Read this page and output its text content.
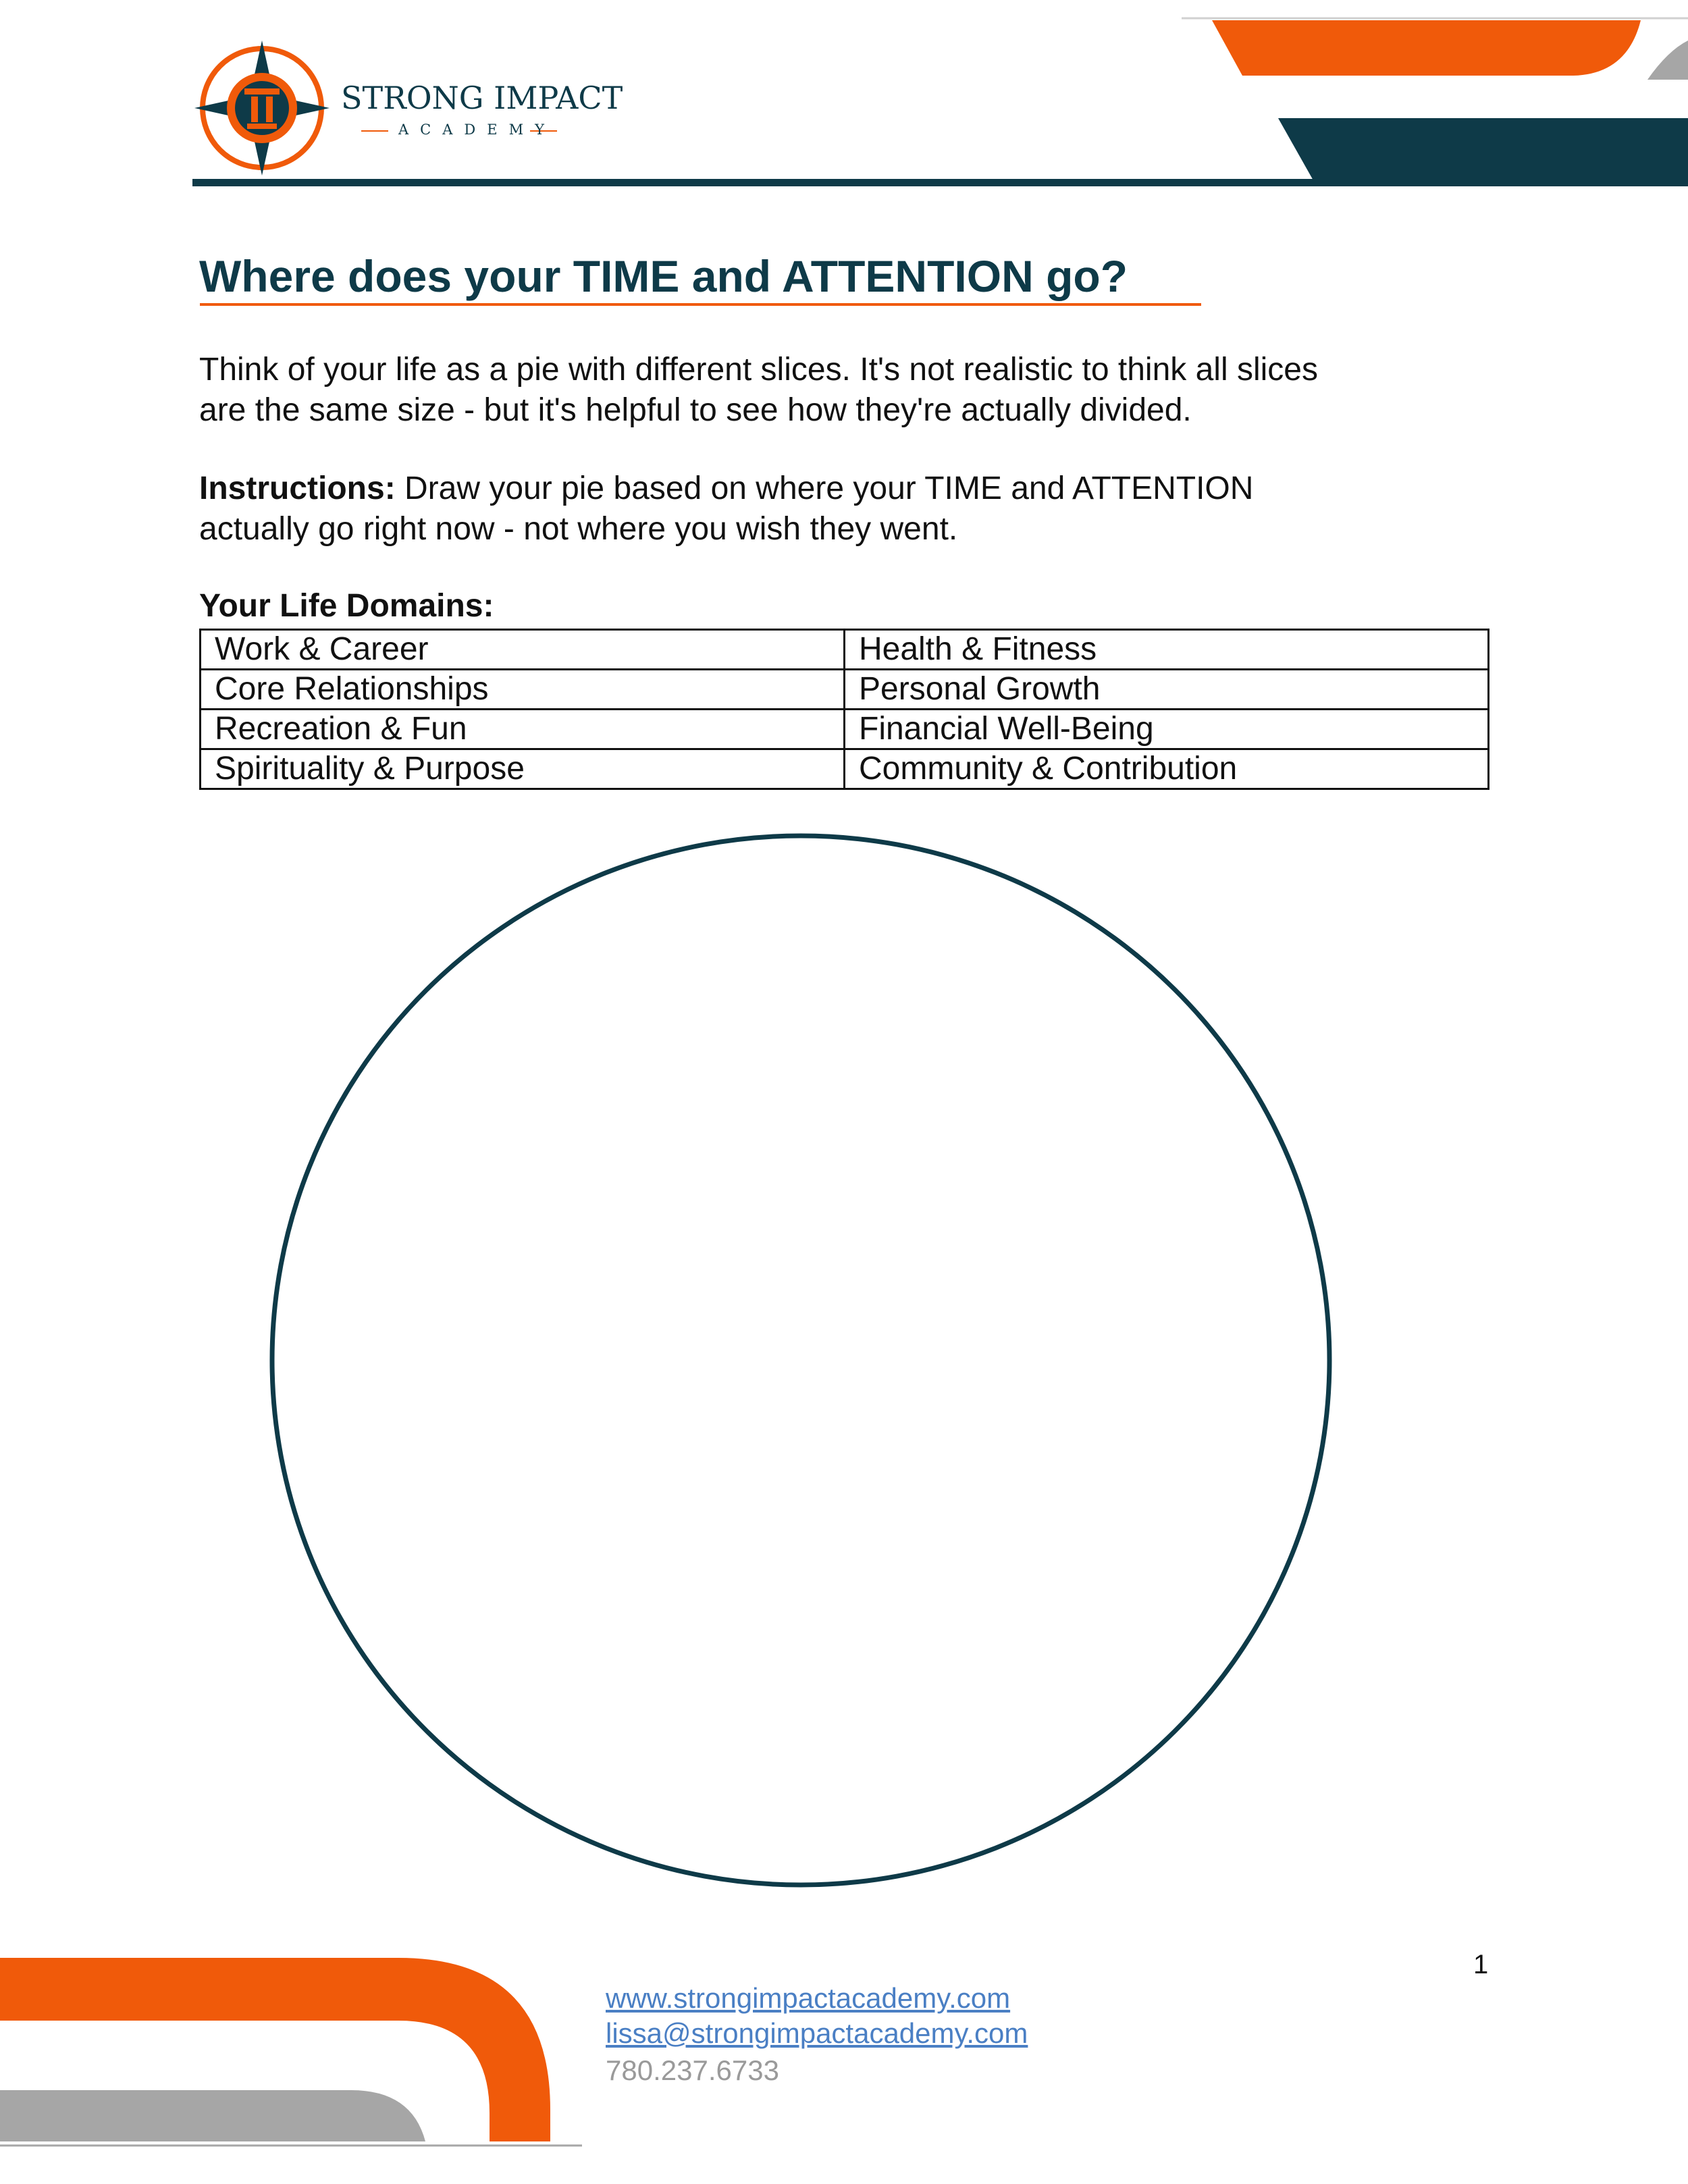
STRONG IMPACT
ACADEMY
Where does your TIME and ATTENTION go?
Think of your life as a pie with different slices. It's not realistic to think all slices
are the same size - but it's helpful to see how they're actually divided.
Instructions: Draw your pie based on where your TIME and ATTENTION
actually go right now - not where you wish they went.
Your Life Domains:
Work & Career	Health & Fitness
Core Relationships	Personal Growth
Recreation & Fun	Financial Well-Being
Spirituality & Purpose	Community & Contribution
1
www.strongimpactacademy.com
lissa@strongimpactacademy.com
780.237.6733
